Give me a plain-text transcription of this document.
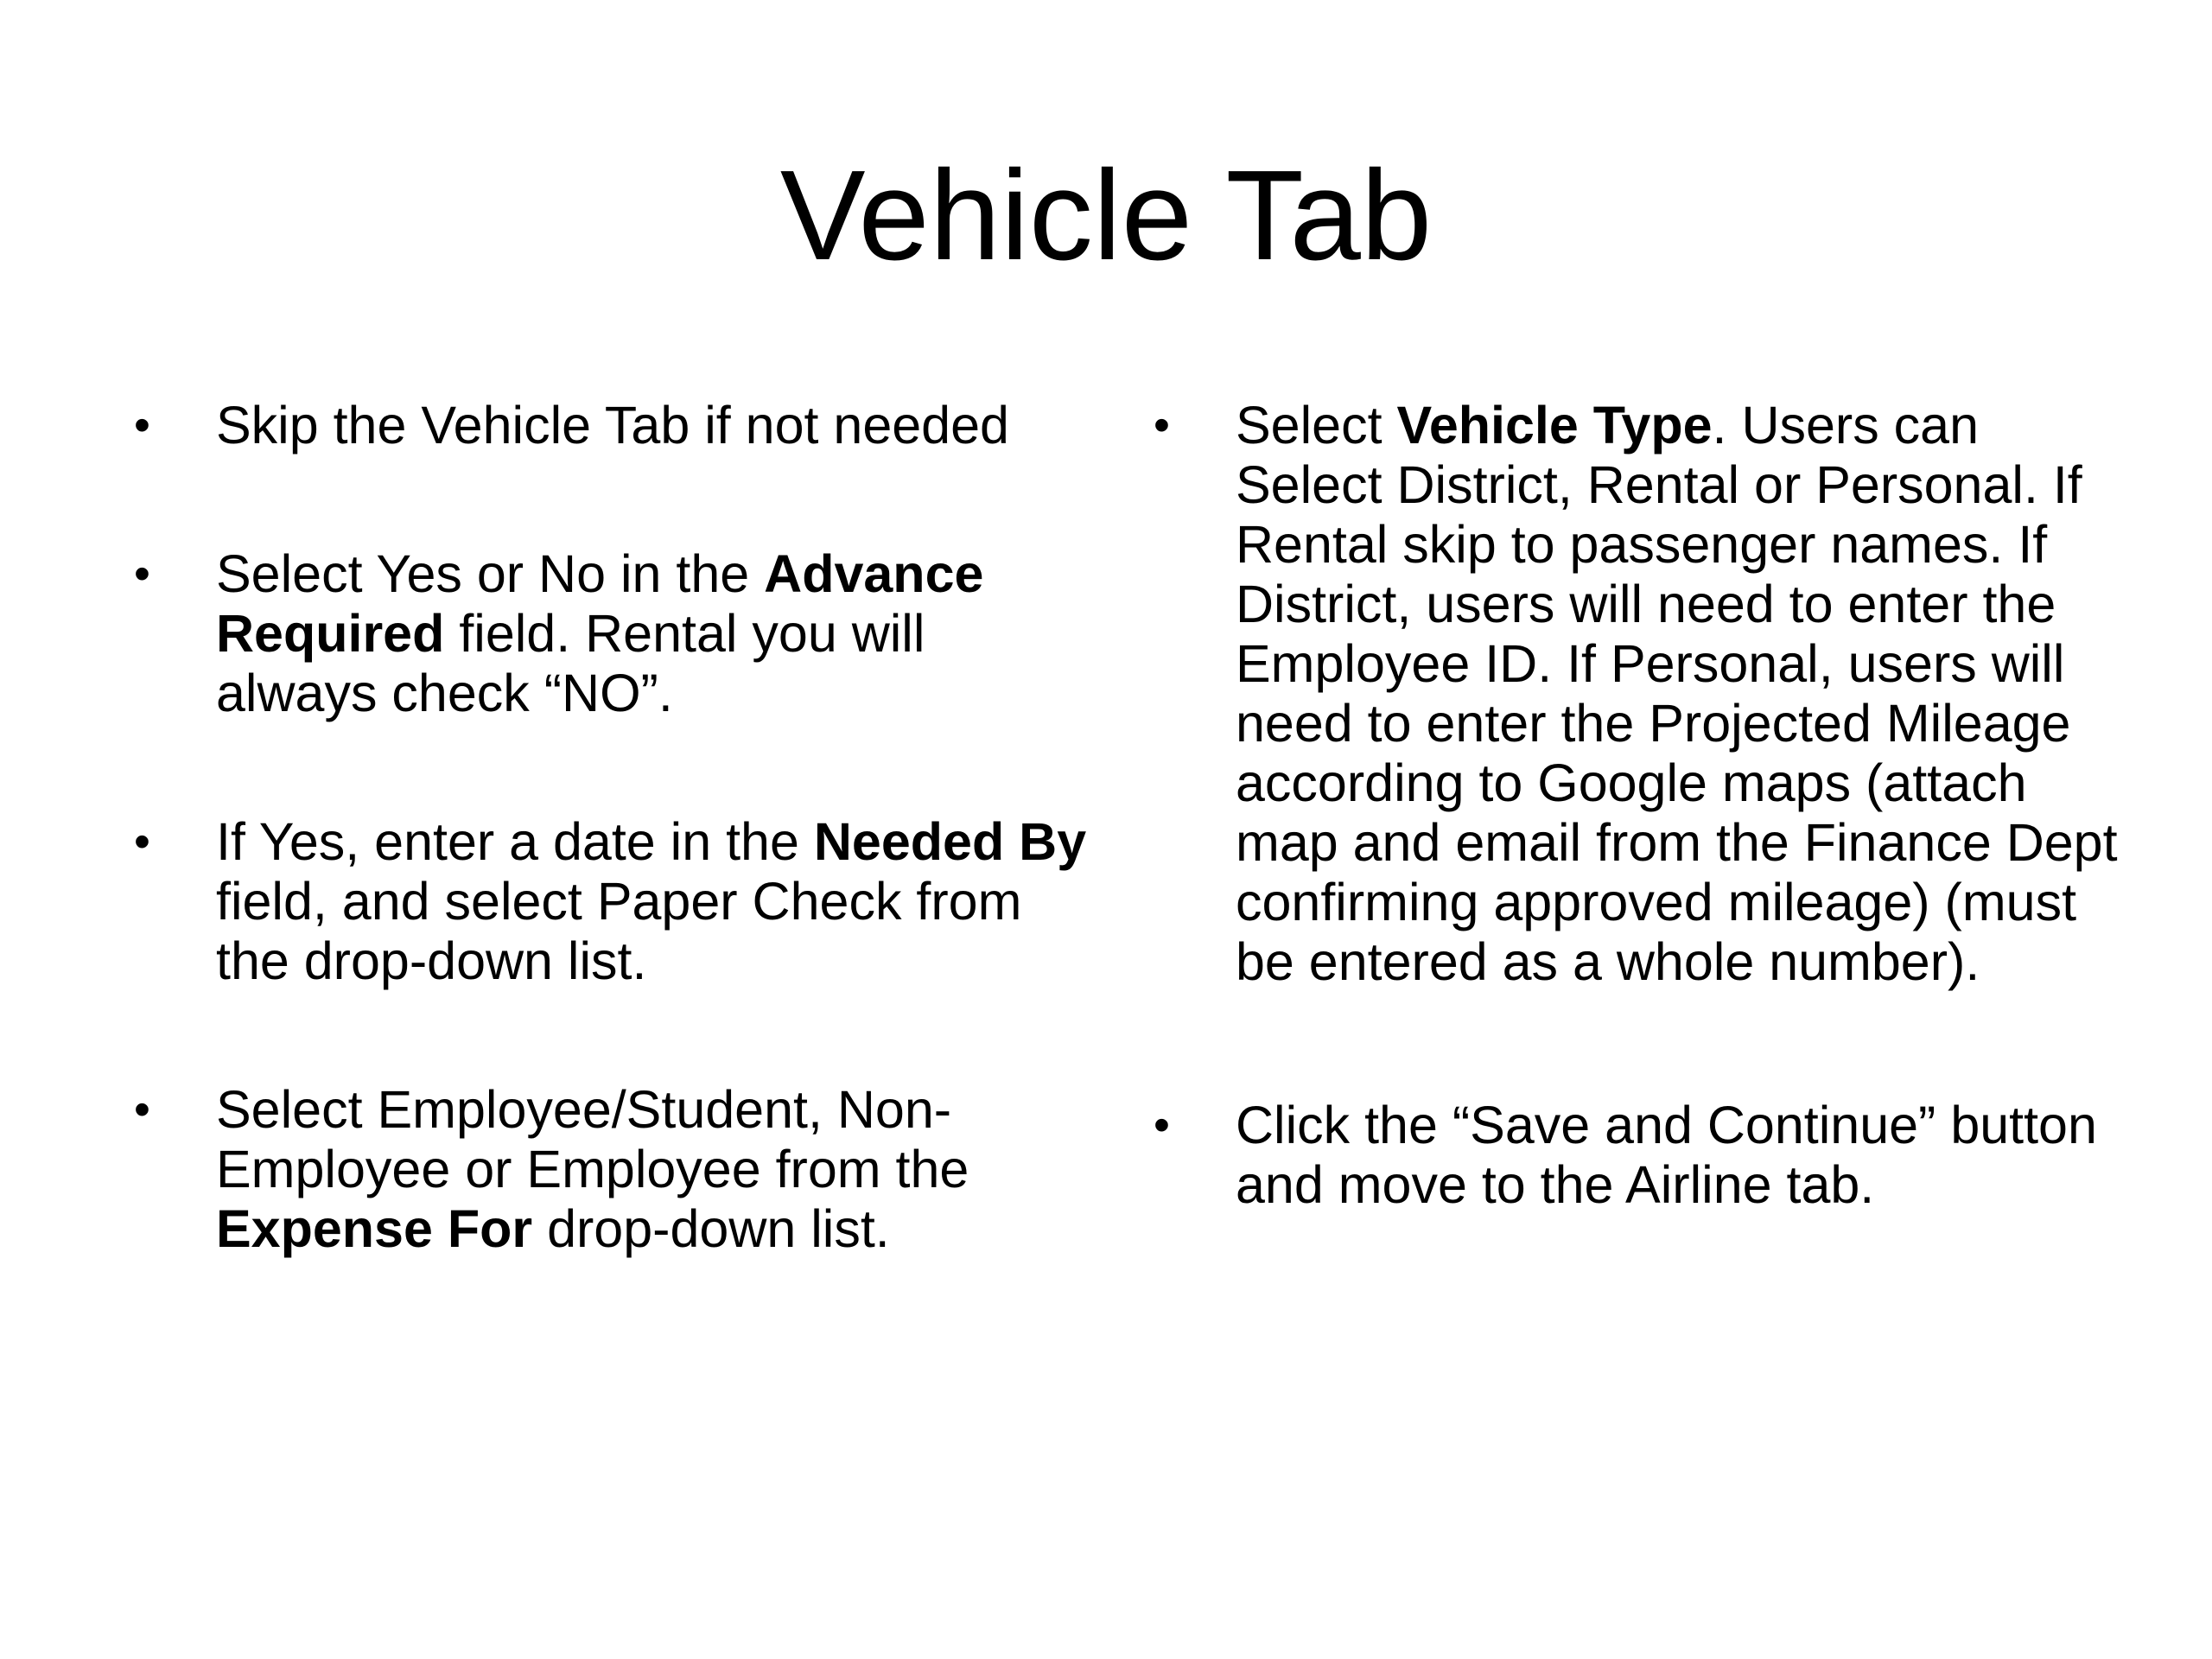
Vehicle Tab
•	Skip the Vehicle Tab if not needed
•	Select Yes or No in the Advance Required field. Rental you will always check “NO”.
•	If Yes, enter a date in the Needed By field, and select Paper Check from the drop-down list.
•	Select Employee/Student, Non-Employee or Employee from the Expense For drop-down list.
•	Select Vehicle Type. Users can Select District, Rental or Personal. If Rental skip to passenger names. If District, users will need to enter the Employee ID. If Personal, users will need to enter the Projected Mileage according to Google maps (attach map and email from the Finance Dept confirming approved mileage) (must be entered as a whole number).
•	Click the “Save and Continue” button and move to the Airline tab.
